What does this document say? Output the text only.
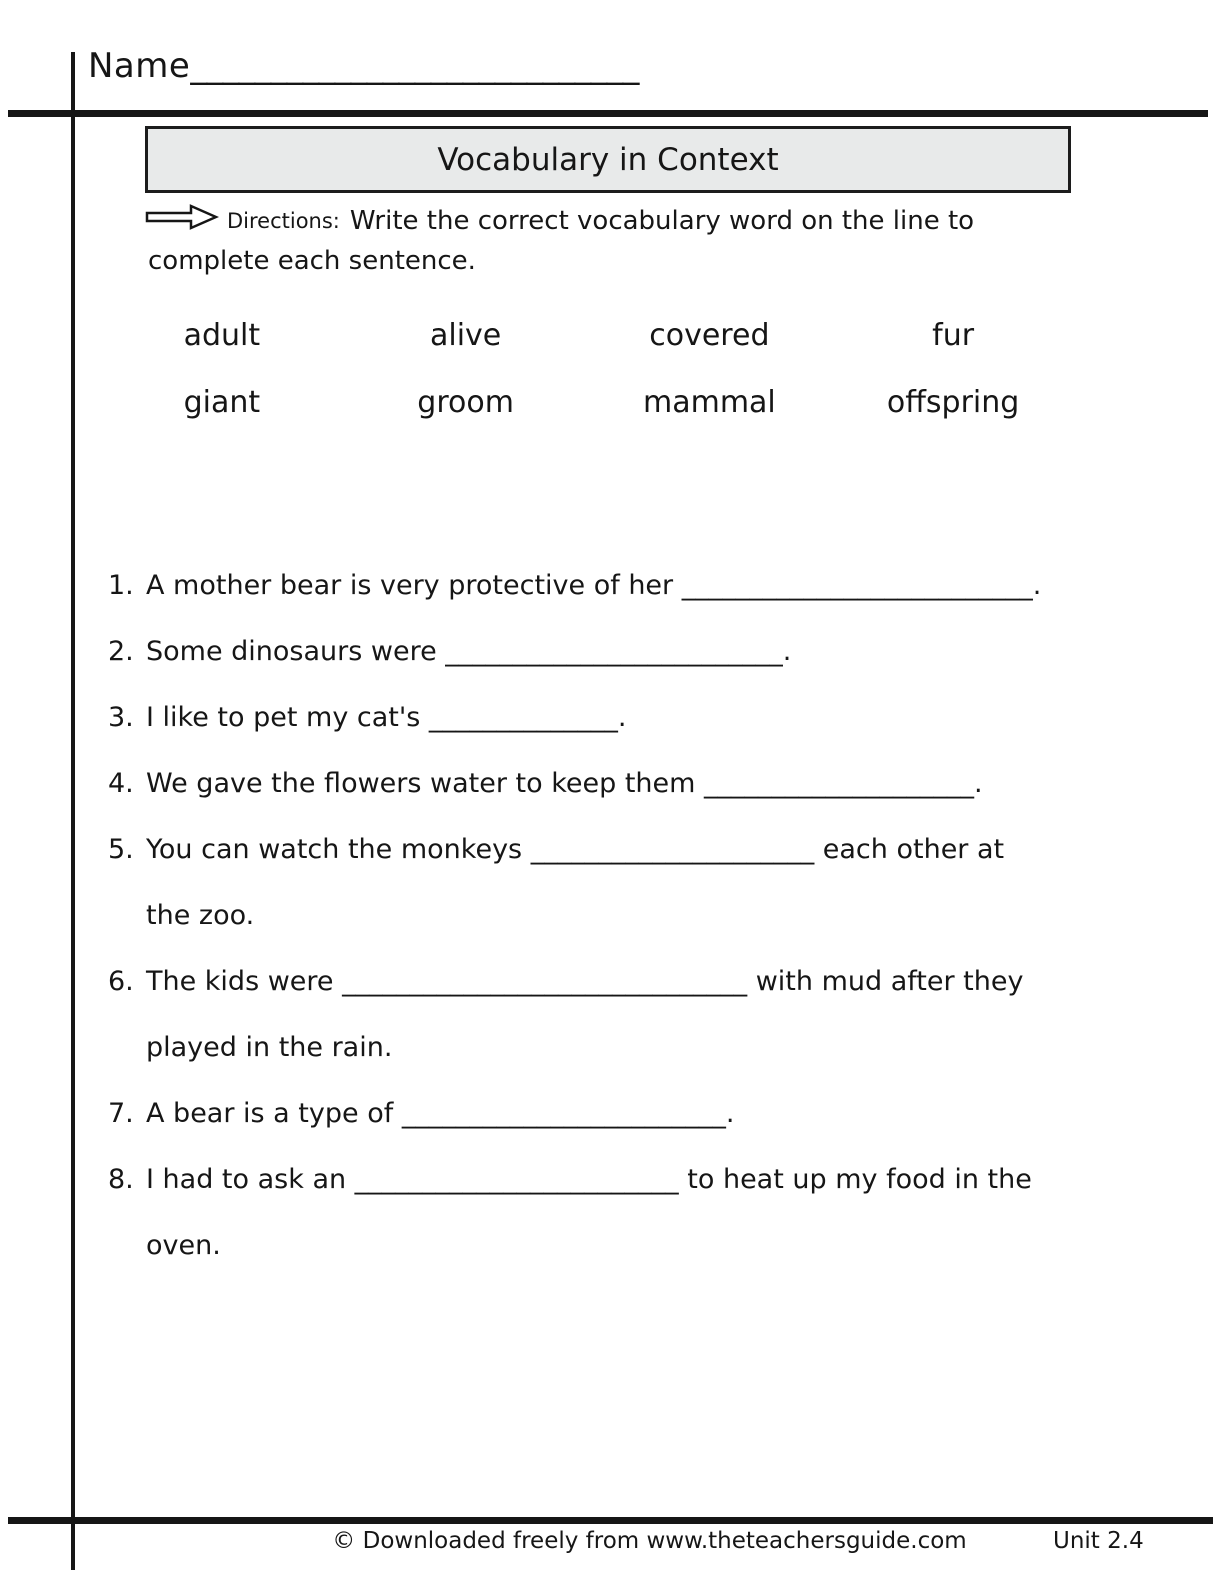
Name____________________________
Vocabulary in Context
Directions: Write the correct vocabulary word on the line to
complete each sentence.
adult	alive	covered	fur
giant	groom	mammal	offspring
1. A mother bear is very protective of her __________________________.
2. Some dinosaurs were _________________________.
3. I like to pet my cat's ______________.
4. We gave the flowers water to keep them ____________________.
5. You can watch the monkeys _____________________ each other at
the zoo.
6. The kids were ______________________________ with mud after they
played in the rain.
7. A bear is a type of ________________________.
8. I had to ask an ________________________ to heat up my food in the
oven.
© Downloaded freely from www.theteachersguide.com	Unit 2.4
